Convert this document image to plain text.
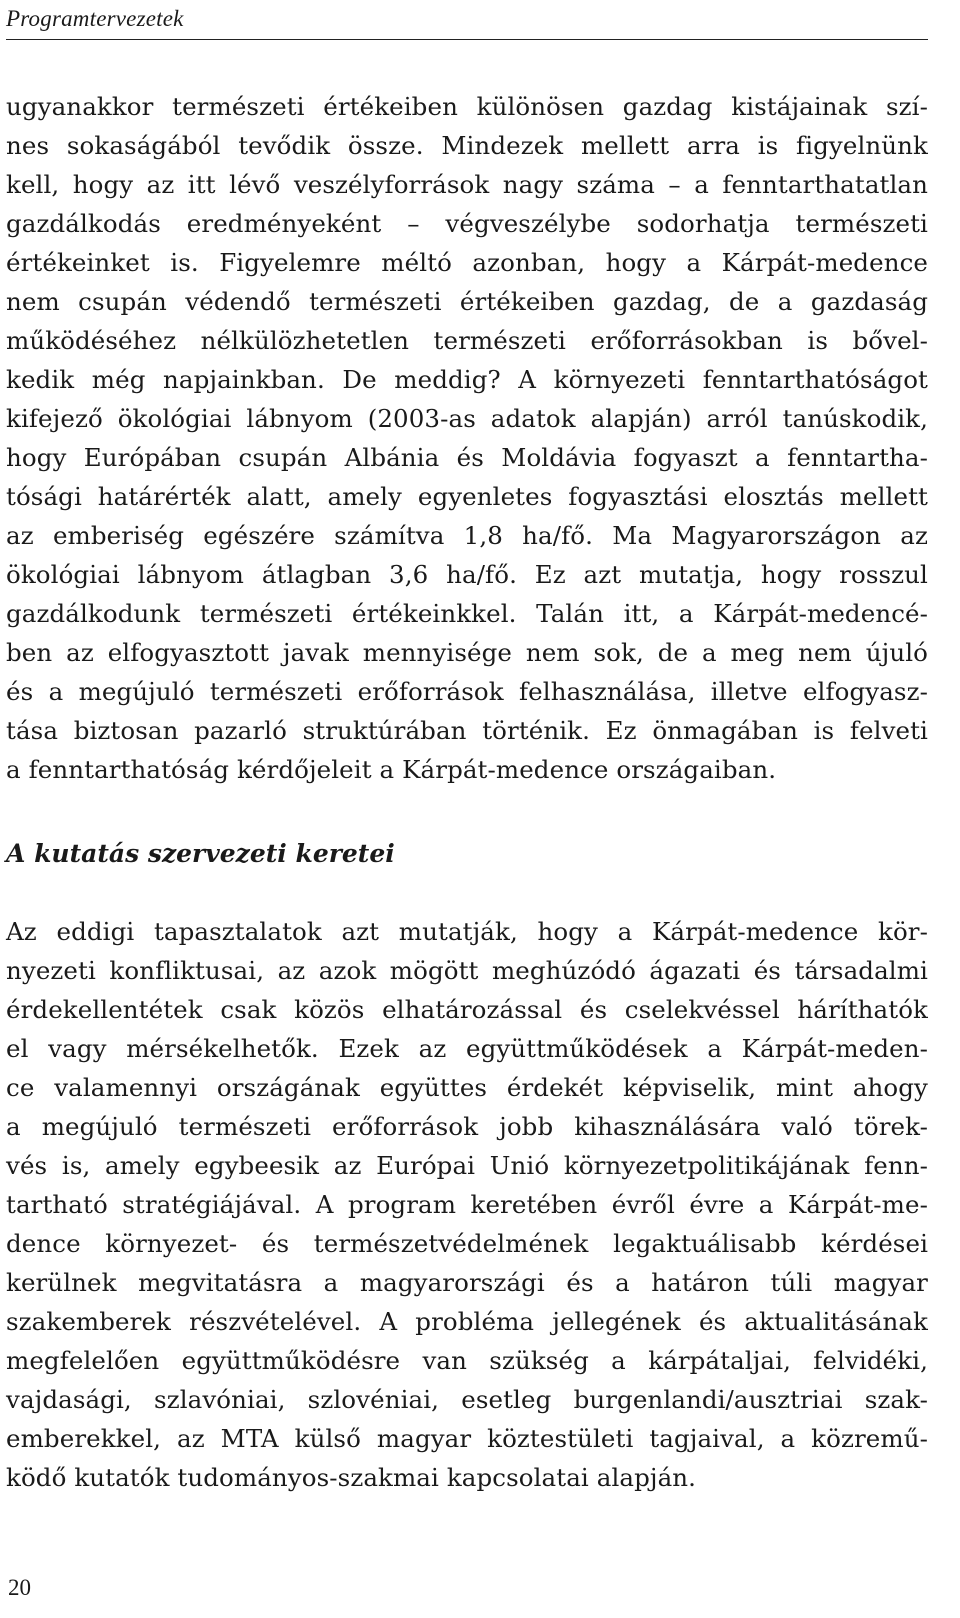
Programtervezetek
ugyanakkor természeti értékeiben különösen gazdag kistájainak szí-
nes sokaságából tevődik össze. Mindezek mellett arra is figyelnünk
kell, hogy az itt lévő veszélyforrások nagy száma – a fenntarthatatlan
gazdálkodás eredményeként – végveszélybe sodorhatja természeti
értékeinket is. Figyelemre méltó azonban, hogy a Kárpát-medence
nem csupán védendő természeti értékeiben gazdag, de a gazdaság
működéséhez nélkülözhetetlen természeti erőforrásokban is bővel-
kedik még napjainkban. De meddig? A környezeti fenntarthatóságot
kifejező ökológiai lábnyom (2003-as adatok alapján) arról tanúskodik,
hogy Európában csupán Albánia és Moldávia fogyaszt a fenntartha-
tósági határérték alatt, amely egyenletes fogyasztási elosztás mellett
az emberiség egészére számítva 1,8 ha/fő. Ma Magyarországon az
ökológiai lábnyom átlagban 3,6 ha/fő. Ez azt mutatja, hogy rosszul
gazdálkodunk természeti értékeinkkel. Talán itt, a Kárpát-medencé-
ben az elfogyasztott javak mennyisége nem sok, de a meg nem újuló
és a megújuló természeti erőforrások felhasználása, illetve elfogyasz-
tása biztosan pazarló struktúrában történik. Ez önmagában is felveti
a fenntarthatóság kérdőjeleit a Kárpát-medence országaiban.
A kutatás szervezeti keretei
Az eddigi tapasztalatok azt mutatják, hogy a Kárpát-medence kör-
nyezeti konfliktusai, az azok mögött meghúzódó ágazati és társadalmi
érdekellentétek csak közös elhatározással és cselekvéssel háríthatók
el vagy mérsékelhetők. Ezek az együttműködések a Kárpát-meden-
ce valamennyi országának együttes érdekét képviselik, mint ahogy
a megújuló természeti erőforrások jobb kihasználására való törek-
vés is, amely egybeesik az Európai Unió környezetpolitikájának fenn-
tartható stratégiájával. A program keretében évről évre a Kárpát-me-
dence környezet- és természetvédelmének legaktuálisabb kérdései
kerülnek megvitatásra a magyarországi és a határon túli magyar
szakemberek részvételével. A probléma jellegének és aktualitásának
megfelelően együttműködésre van szükség a kárpátaljai, felvidéki,
vajdasági, szlavóniai, szlovéniai, esetleg burgenlandi/ausztriai szak-
emberekkel, az MTA külső magyar köztestületi tagjaival, a közremű-
ködő kutatók tudományos-szakmai kapcsolatai alapján.
20
